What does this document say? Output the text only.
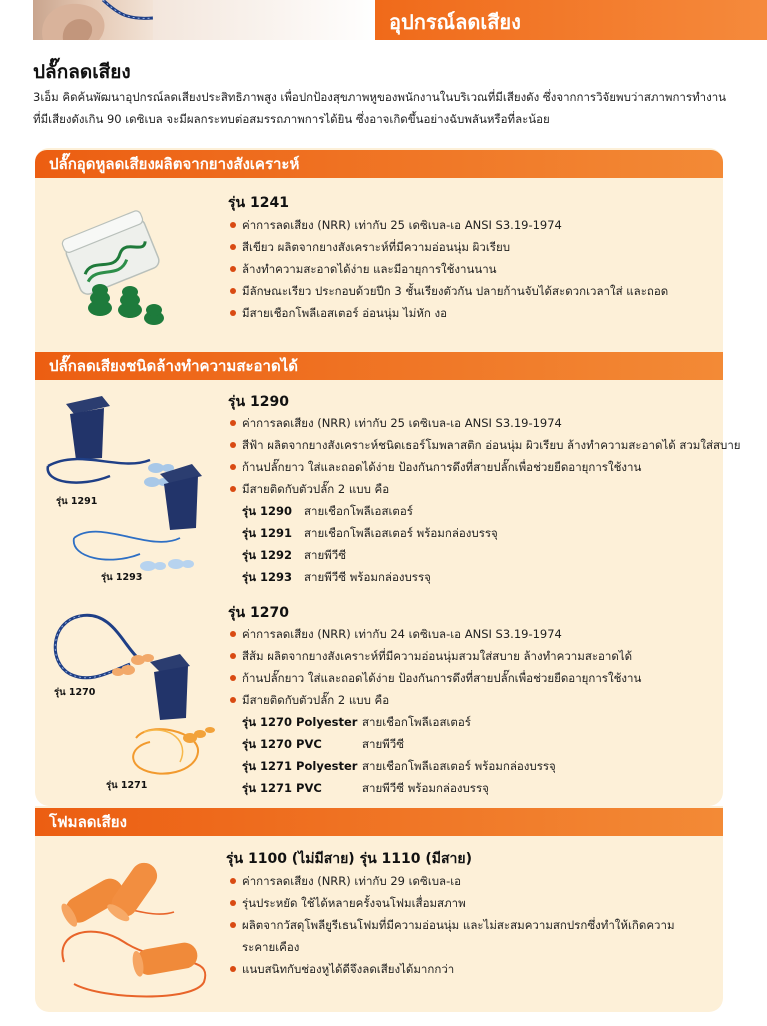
อุปกรณ์ลดเสียง
ปลั๊กลดเสียง
3เอ็ม คิดค้นพัฒนาอุปกรณ์ลดเสียงประสิทธิภาพสูง เพื่อปกป้องสุขภาพหูของพนักงานในบริเวณที่มีเสียงดัง ซึ่งจากการวิจัยพบว่าสภาพการทำงานที่มีเสียงดังเกิน 90 เดซิเบล จะมีผลกระทบต่อสมรรถภาพการได้ยิน ซึ่งอาจเกิดขึ้นอย่างฉับพลันหรือที่ละน้อย
ปลั๊กอุดหูลดเสียงผลิตจากยางสังเคราะห์
ปลั๊กลดเสียงชนิดล้างทำความสะอาดได้
โฟมลดเสียง
รุ่น 1241
ค่าการลดเสียง (NRR) เท่ากับ 25 เดซิเบล-เอ ANSI S3.19-1974
สีเขียว ผลิตจากยางสังเคราะห์ที่มีความอ่อนนุ่ม ผิวเรียบ
ล้างทำความสะอาดได้ง่าย และมีอายุการใช้งานนาน
มีลักษณะเรียว ประกอบด้วยปีก 3 ชั้นเรียงตัวกัน ปลายก้านจับได้สะดวกเวลาใส่ และถอด
มีสายเชือกโพลีเอสเตอร์ อ่อนนุ่ม ไม่หัก งอ
รุ่น 1291
รุ่น 1293
รุ่น 1290
ค่าการลดเสียง (NRR) เท่ากับ 25 เดซิเบล-เอ ANSI S3.19-1974
สีฟ้า ผลิตจากยางสังเคราะห์ชนิดเธอร์โมพลาสติก อ่อนนุ่ม ผิวเรียบ ล้างทำความสะอาดได้ สวมใส่สบาย
ก้านปลั๊กยาว ใส่และถอดได้ง่าย ป้องกันการดึงที่สายปลั๊กเพื่อช่วยยืดอายุการใช้งาน
มีสายติดกับตัวปลั๊ก 2 แบบ คือ
รุ่น 1290 สายเชือกโพลีเอสเตอร์
รุ่น 1291 สายเชือกโพลีเอสเตอร์ พร้อมกล่องบรรจุ
รุ่น 1292 สายพีวีซี
รุ่น 1293 สายพีวีซี พร้อมกล่องบรรจุ
รุ่น 1270
รุ่น 1271
รุ่น 1270
ค่าการลดเสียง (NRR) เท่ากับ 24 เดซิเบล-เอ ANSI S3.19-1974
สีส้ม ผลิตจากยางสังเคราะห์ที่มีความอ่อนนุ่มสวมใส่สบาย ล้างทำความสะอาดได้
ก้านปลั๊กยาว ใส่และถอดได้ง่าย ป้องกันการดึงที่สายปลั๊กเพื่อช่วยยืดอายุการใช้งาน
มีสายติดกับตัวปลั๊ก 2 แบบ คือ
รุ่น 1270 Polyester สายเชือกโพลีเอสเตอร์
รุ่น 1270 PVC	สายพีวีซี
รุ่น 1271 Polyester สายเชือกโพลีเอสเตอร์ พร้อมกล่องบรรจุ
รุ่น 1271 PVC	สายพีวีซี พร้อมกล่องบรรจุ
รุ่น 1100 (ไม่มีสาย) รุ่น 1110 (มีสาย)
ค่าการลดเสียง (NRR) เท่ากับ 29 เดซิเบล-เอ
รุ่นประหยัด ใช้ได้หลายครั้งจนโฟมเสื่อมสภาพ
ผลิตจากวัสดุโพลียูรีเธนโฟมที่มีความอ่อนนุ่ม และไม่สะสมความสกปรกซึ่งทำให้เกิดความระคายเคือง
แนบสนิทกับช่องหูได้ดีจึงลดเสียงได้มากกว่า
